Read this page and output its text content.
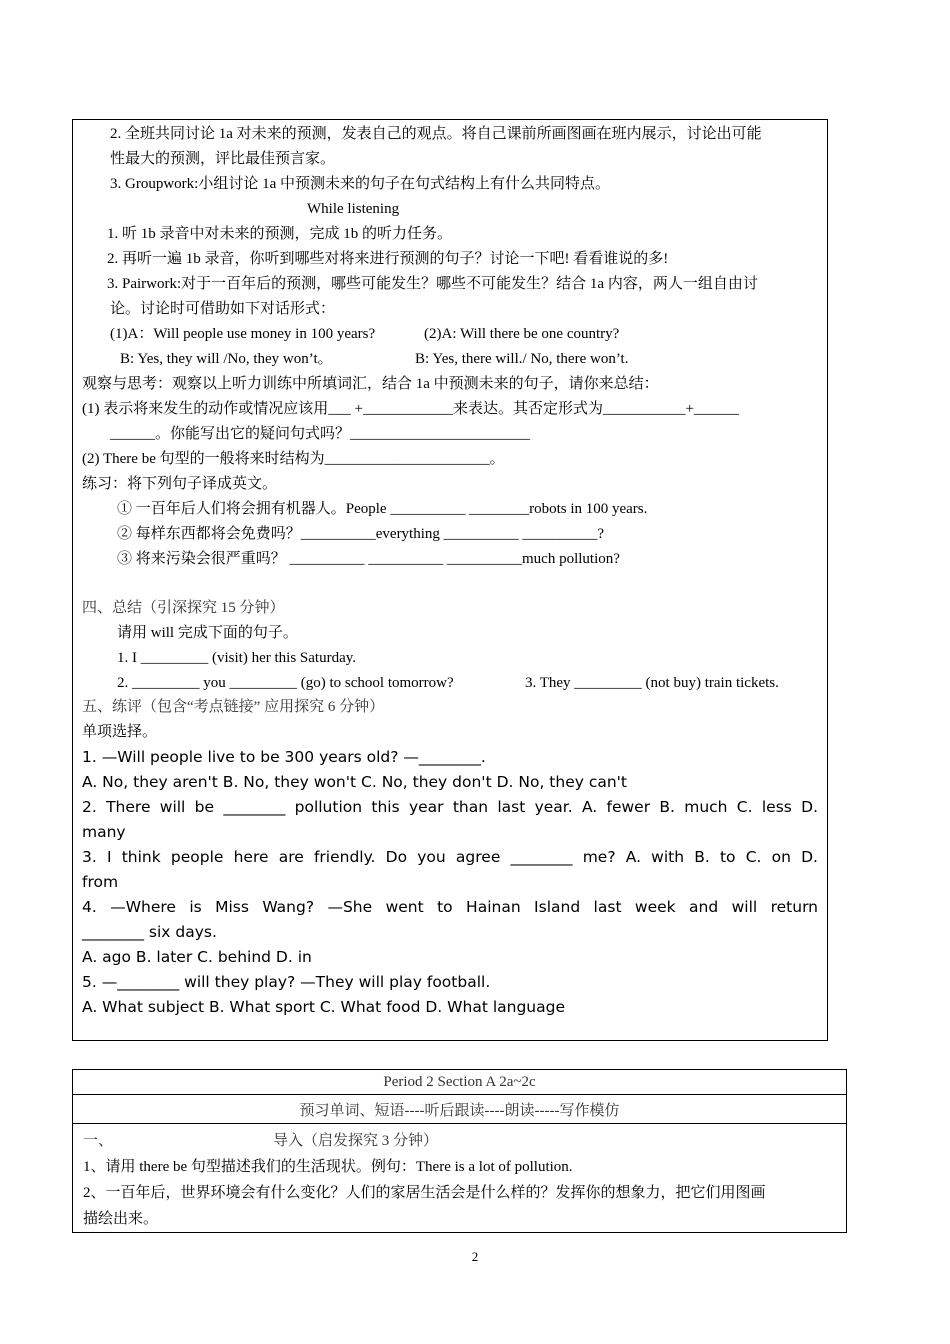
2. 全班共同讨论 1a 对未来的预测，发表自己的观点。将自己课前所画图画在班内展示，讨论出可能
性最大的预测，评比最佳预言家。
3. Groupwork:小组讨论 1a 中预测未来的句子在句式结构上有什么共同特点。
While listening
1. 听 1b 录音中对未来的预测，完成 1b 的听力任务。
2. 再听一遍 1b 录音，你听到哪些对将来进行预测的句子？讨论一下吧! 看看谁说的多!
3. Pairwork:对于一百年后的预测，哪些可能发生？哪些不可能发生？结合 1a 内容，两人一组自由讨
论。讨论时可借助如下对话形式：
(1)A：Will people use money in 100 years?	(2)A: Will there be one country?
B: Yes, they will /No, they won’t。	B: Yes, there will./ No, there won’t.
观察与思考：观察以上听力训练中所填词汇，结合 1a 中预测未来的句子，请你来总结：
(1) 表示将来发生的动作或情况应该用___ +____________来表达。其否定形式为___________+______
______。你能写出它的疑问句式吗？________________________
(2) There be 句型的一般将来时结构为______________________。
练习：将下列句子译成英文。
① 一百年后人们将会拥有机器人。People __________ ________robots in 100 years.
② 每样东西都将会免费吗？__________everything __________ __________?
③ 将来污染会很严重吗？ __________ __________ __________much pollution?
四、总结（引深探究 15 分钟）
请用 will 完成下面的句子。
1. I _________ (visit) her this Saturday.
2. _________ you _________ (go) to school tomorrow?	3. They _________ (not buy) train tickets.
五、练评（包含“考点链接” 应用探究 6 分钟）
单项选择。
1. —Will people live to be 300 years old? —________.
A. No, they aren't B. No, they won't C. No, they don't D. No, they can't
2. There will be ________ pollution this year than last year. A. fewer B. much C. less D.
many
3. I think people here are friendly. Do you agree ________ me? A. with B. to C. on D.
from
4. —Where is Miss Wang? —She went to Hainan Island last week and will return
________ six days.
A. ago B. later C. behind D. in
5. —________ will they play? —They will play football.
A. What subject B. What sport C. What food D. What language
Period 2 Section A 2a~2c
预习单词、短语----听后跟读----朗读-----写作模仿

一、	导入（启发探究 3 分钟）
1、请用 there be 句型描述我们的生活现状。例句：There is a lot of pollution.
2、一百年后，世界环境会有什么变化？人们的家居生活会是什么样的？发挥你的想象力，把它们用图画
描绘出来。
2
